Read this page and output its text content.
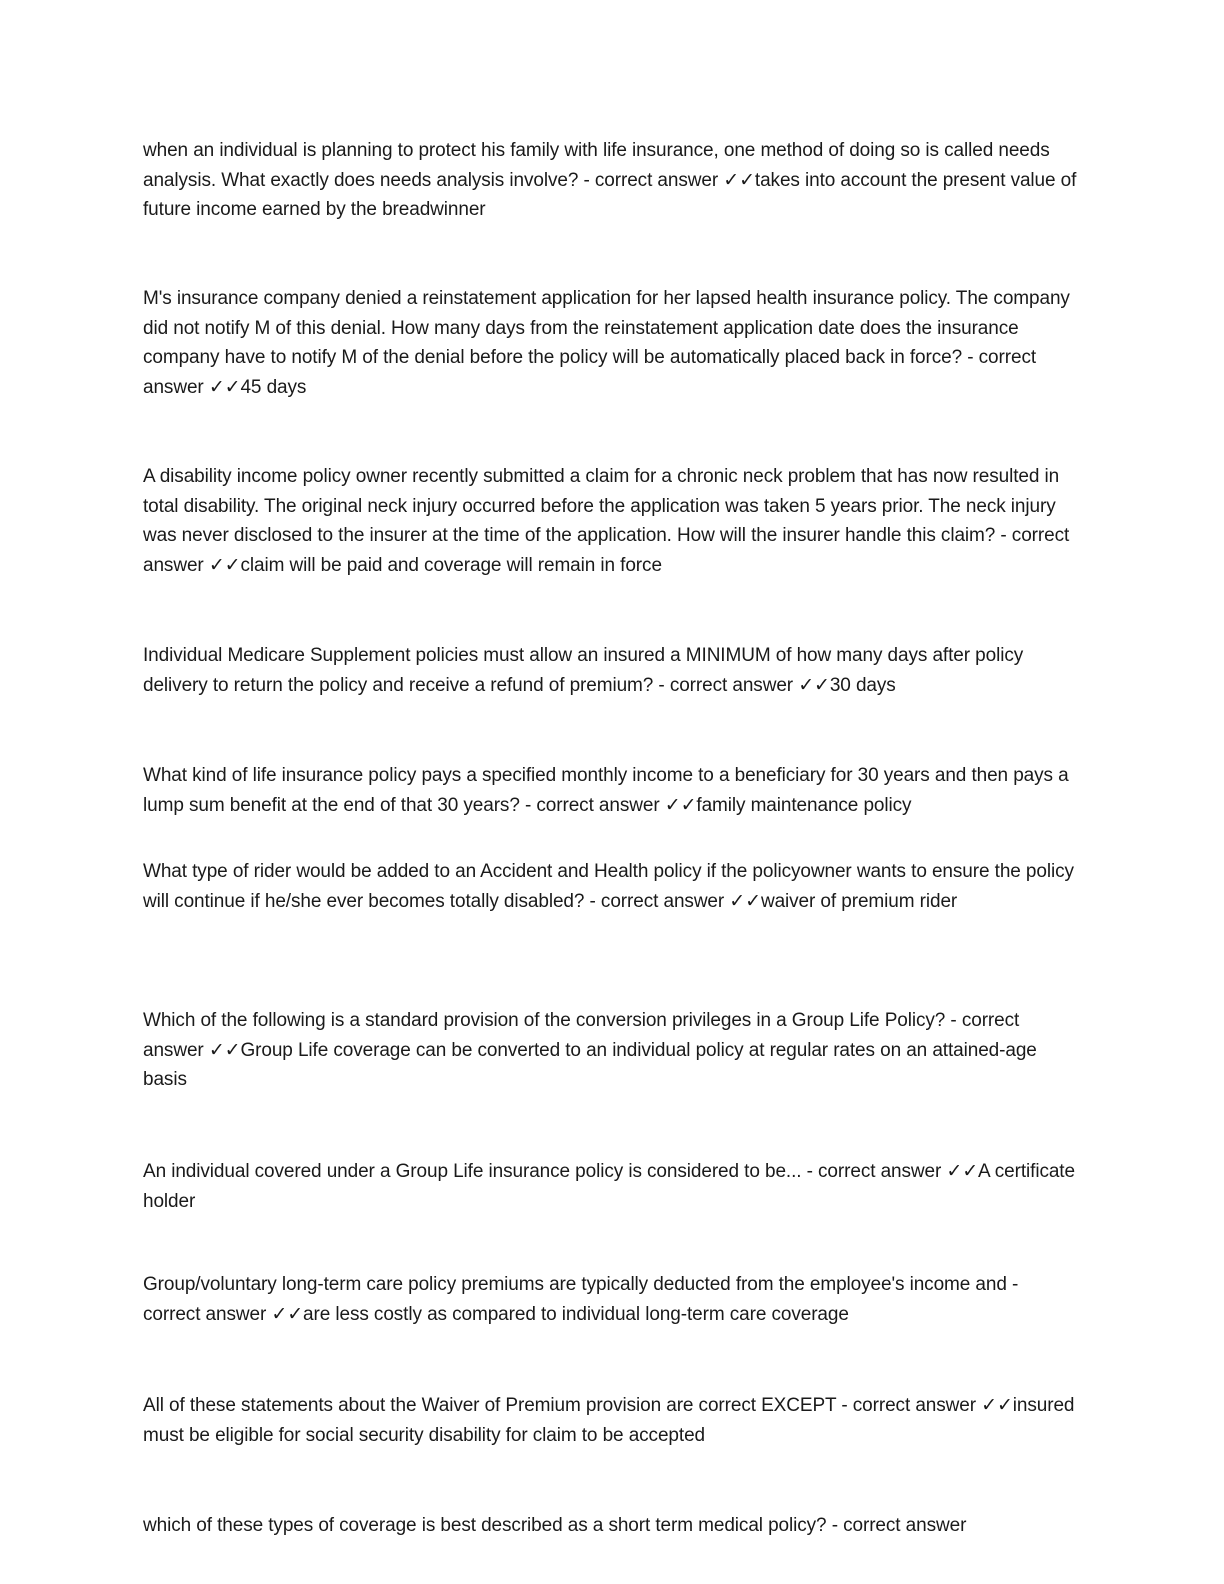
when an individual is planning to protect his family with life insurance, one method of doing so is called needs analysis. What exactly does needs analysis involve? - correct answer ✓✓takes into account the present value of future income earned by the breadwinner

M's insurance company denied a reinstatement application for her lapsed health insurance policy. The company did not notify M of this denial. How many days from the reinstatement application date does the insurance company have to notify M of the denial before the policy will be automatically placed back in force? - correct answer ✓✓45 days

A disability income policy owner recently submitted a claim for a chronic neck problem that has now resulted in total disability. The original neck injury occurred before the application was taken 5 years prior. The neck injury was never disclosed to the insurer at the time of the application. How will the insurer handle this claim? - correct answer ✓✓claim will be paid and coverage will remain in force

Individual Medicare Supplement policies must allow an insured a MINIMUM of how many days after policy delivery to return the policy and receive a refund of premium? - correct answer ✓✓30 days

What kind of life insurance policy pays a specified monthly income to a beneficiary for 30 years and then pays a lump sum benefit at the end of that 30 years? - correct answer ✓✓family maintenance policy

What type of rider would be added to an Accident and Health policy if the policyowner wants to ensure the policy will continue if he/she ever becomes totally disabled? - correct answer ✓✓waiver of premium rider

Which of the following is a standard provision of the conversion privileges in a Group Life Policy? - correct answer ✓✓Group Life coverage can be converted to an individual policy at regular rates on an attained-age basis

An individual covered under a Group Life insurance policy is considered to be... - correct answer ✓✓A certificate holder

Group/voluntary long-term care policy premiums are typically deducted from the employee's income and - correct answer ✓✓are less costly as compared to individual long-term care coverage

All of these statements about the Waiver of Premium provision are correct EXCEPT - correct answer ✓✓insured must be eligible for social security disability for claim to be accepted

which of these types of coverage is best described as a short term medical policy? - correct answer
